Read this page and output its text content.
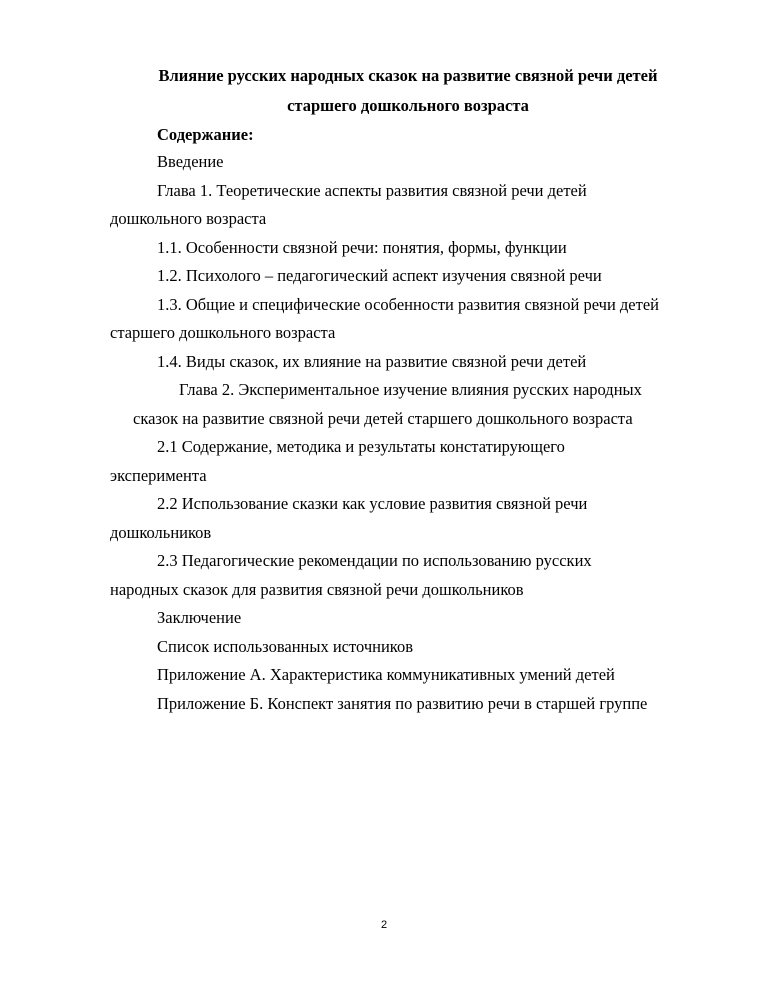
Влияние русских народных сказок на развитие связной речи детей
старшего дошкольного возраста
Содержание:
Введение
Глава 1. Теоретические аспекты развития связной речи детей
дошкольного возраста
1.1. Особенности связной речи: понятия, формы, функции
1.2. Психолого – педагогический аспект изучения связной речи
1.3. Общие и специфические особенности развития связной речи детей
старшего дошкольного возраста
1.4. Виды сказок, их влияние на развитие связной речи детей
Глава 2. Экспериментальное изучение влияния русских народных
сказок на развитие связной речи детей старшего дошкольного возраста
2.1 Содержание, методика и результаты констатирующего
эксперимента
2.2 Использование сказки как условие развития связной речи
дошкольников
2.3 Педагогические рекомендации по использованию русских
народных сказок для развития связной речи дошкольников
Заключение
Список использованных источников
Приложение А. Характеристика коммуникативных умений детей
Приложение Б. Конспект занятия по развитию речи в старшей группе
2
